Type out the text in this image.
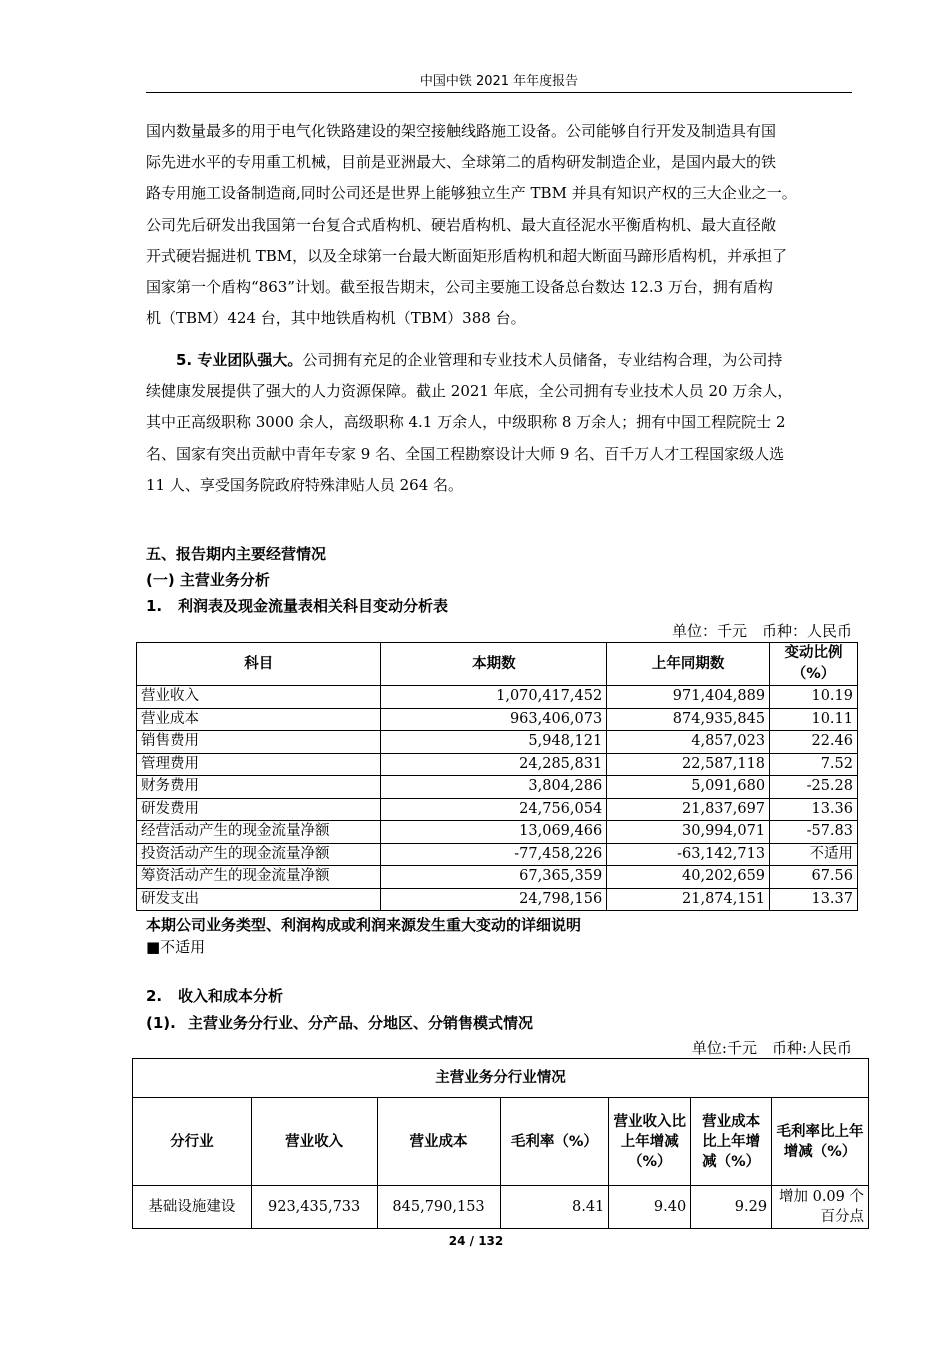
中国中铁 2021 年年度报告
国内数量最多的用于电气化铁路建设的架空接触线路施工设备。公司能够自行开发及制造具有国
际先进水平的专用重工机械，目前是亚洲最大、全球第二的盾构研发制造企业，是国内最大的铁
路专用施工设备制造商,同时公司还是世界上能够独立生产 TBM 并具有知识产权的三大企业之一。
公司先后研发出我国第一台复合式盾构机、硬岩盾构机、最大直径泥水平衡盾构机、最大直径敞
开式硬岩掘进机 TBM，以及全球第一台最大断面矩形盾构机和超大断面马蹄形盾构机，并承担了
国家第一个盾构“863”计划。截至报告期末，公司主要施工设备总台数达 12.3 万台，拥有盾构
机（TBM）424 台，其中地铁盾构机（TBM）388 台。
5. 专业团队强大。公司拥有充足的企业管理和专业技术人员储备，专业结构合理，为公司持
续健康发展提供了强大的人力资源保障。截止 2021 年底，全公司拥有专业技术人员 20 万余人，
其中正高级职称 3000 余人，高级职称 4.1 万余人，中级职称 8 万余人；拥有中国工程院院士 2
名、国家有突出贡献中青年专家 9 名、全国工程勘察设计大师 9 名、百千万人才工程国家级人选
11 人、享受国务院政府特殊津贴人员 264 名。
五、报告期内主要经营情况
(一) 主营业务分析
1. 利润表及现金流量表相关科目变动分析表
单位：千元　币种：人民币
科目	本期数	上年同期数	变动比例（%）
营业收入	1,070,417,452	971,404,889	10.19
营业成本	963,406,073	874,935,845	10.11
销售费用	5,948,121	4,857,023	22.46
管理费用	24,285,831	22,587,118	7.52
财务费用	3,804,286	5,091,680	-25.28
研发费用	24,756,054	21,837,697	13.36
经营活动产生的现金流量净额	13,069,466	30,994,071	-57.83
投资活动产生的现金流量净额	-77,458,226	-63,142,713	不适用
筹资活动产生的现金流量净额	67,365,359	40,202,659	67.56
研发支出	24,798,156	21,874,151	13.37
本期公司业务类型、利润构成或利润来源发生重大变动的详细说明
■不适用
2. 收入和成本分析
(1). 主营业务分行业、分产品、分地区、分销售模式情况
单位:千元　币种:人民币
主营业务分行业情况						
分行业	营业收入	营业成本	毛利率（%）	营业收入比上年增减（%）	营业成本比上年增减（%）	毛利率比上年增减（%）
基础设施建设	923,435,733	845,790,153	8.41	9.40	9.29	增加 0.09 个百分点
24 / 132
